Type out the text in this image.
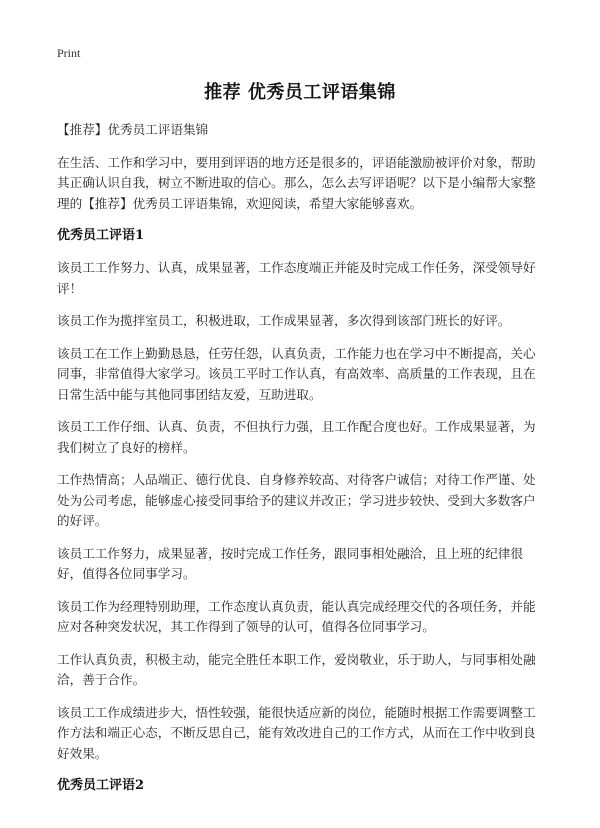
Print
推荐 优秀员工评语集锦

【推荐】优秀员工评语集锦

在生活、工作和学习中，要用到评语的地方还是很多的，评语能激励被评价对象，帮助其正确认识自我，树立不断进取的信心。那么，怎么去写评语呢？以下是小编帮大家整理的【推荐】优秀员工评语集锦，欢迎阅读，希望大家能够喜欢。

优秀员工评语1

该员工工作努力、认真，成果显著，工作态度端正并能及时完成工作任务，深受领导好评！

该员工作为揽拌室员工，积极进取，工作成果显著，多次得到该部门班长的好评。

该员工在工作上勤勤恳恳，任劳任怨，认真负责，工作能力也在学习中不断提高，关心同事，非常值得大家学习。该员工平时工作认真，有高效率、高质量的工作表现，且在日常生活中能与其他同事团结友爱，互助进取。

该员工工作仔细、认真、负责，不但执行力强，且工作配合度也好。工作成果显著，为我们树立了良好的榜样。

工作热情高；人品端正、德行优良、自身修养较高、对待客户诚信；对待工作严谨、处处为公司考虑，能够虚心接受同事给予的建议并改正；学习进步较快、受到大多数客户的好评。

该员工工作努力，成果显著，按时完成工作任务，跟同事相处融洽，且上班的纪律很好，值得各位同事学习。

该员工作为经理特别助理，工作态度认真负责，能认真完成经理交代的各项任务，并能应对各种突发状况，其工作得到了领导的认可，值得各位同事学习。

工作认真负责，积极主动，能完全胜任本职工作，爱岗敬业，乐于助人，与同事相处融洽，善于合作。

该员工工作成绩进步大，悟性较强，能很快适应新的岗位，能随时根据工作需要调整工作方法和端正心态，不断反思自己，能有效改进自己的工作方式，从而在工作中收到良好效果。

优秀员工评语2
